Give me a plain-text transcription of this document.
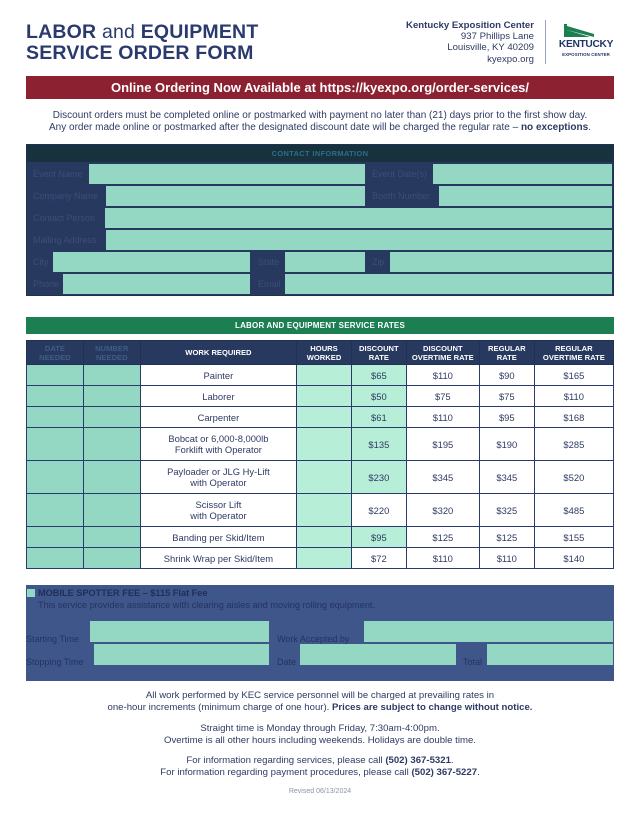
LABOR and EQUIPMENT
SERVICE ORDER FORM
Kentucky Exposition Center
937 Phillips Lane
Louisville, KY 40209
kyexpo.org
KENTUCKY
EXPOSITION CENTER
Online Ordering Now Available at https://kyexpo.org/order-services/
Discount orders must be completed online or postmarked with payment no later than (21) days prior to the first show day.
Any order made online or postmarked after the designated discount date will be charged the regular rate – no exceptions.
CONTACT INFORMATION
Event Name	Event Date(s)
Company Name	Booth Number
Contact Person
Mailing Address
City	State	Zip
Phone	Email
LABOR AND EQUIPMENT SERVICE RATES
DATE NEEDED	NUMBER NEEDED	WORK REQUIRED	HOURS WORKED	DISCOUNT RATE	DISCOUNT OVERTIME RATE	REGULAR RATE	REGULAR OVERTIME RATE

		Painter		$65	$110	$90	$165

		Laborer		$50	$75	$75	$110

		Carpenter		$61	$110	$95	$168

		Bobcat or 6,000-8,000lb
Forklift with Operator		$135	$195	$190	$285

		Payloader or JLG Hy-Lift
with Operator		$230	$345	$345	$520

		Scissor Lift
with Operator		$220	$320	$325	$485

		Banding per Skid/Item		$95	$125	$125	$155

		Shrink Wrap per Skid/Item		$72	$110	$110	$140
MOBILE SPOTTER FEE – $115 Flat Fee
This service provides assistance with clearing aisles and moving rolling equipment.
Starting Time	Work Accepted by
Stopping Time	Date	Total
All work performed by KEC service personnel will be charged at prevailing rates in
one-hour increments (minimum charge of one hour). Prices are subject to change without notice.
Straight time is Monday through Friday, 7:30am-4:00pm.
Overtime is all other hours including weekends. Holidays are double time.
For information regarding services, please call (502) 367-5321.
For information regarding payment procedures, please call (502) 367-5227.
Revised 06/13/2024
